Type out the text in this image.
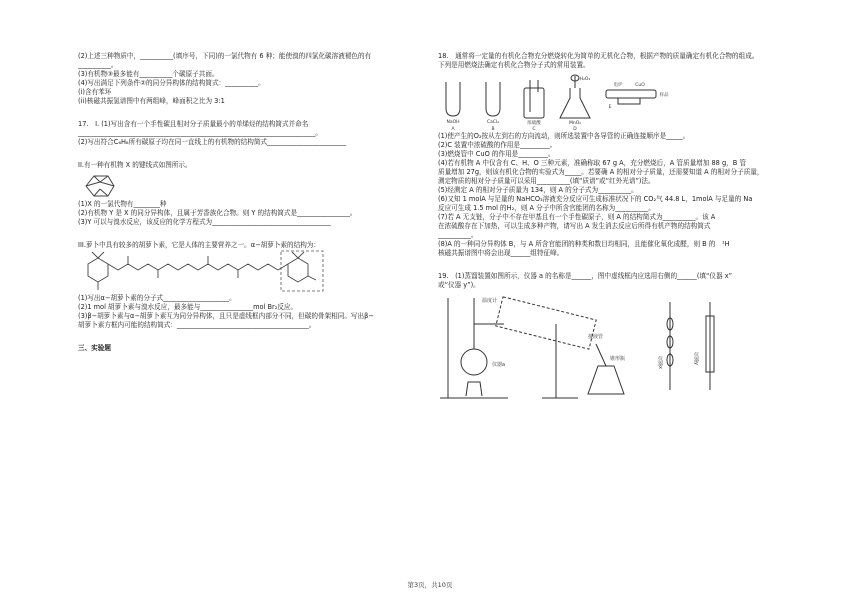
(2)上述三种物质中，__________(填序号，下同)的一氯代物有 6 种；能使溴的四氯化碳溶液褪色的有

__________。

(3)有机物③最多能有__________个碳原子共面。

(4)写出满足下列条件②的同分异构体的结构简式：__________。

(i)含有苯环

(ii)核磁共振氢谱图中有两组峰，峰面积之比为 3:1

17.　I. (1)写出含有一个手性碳且相对分子质量最小的单烯烃的结构简式并命名

________________________________________________________________________。

(2)写出符合C₆H₈所有碳原子均在同一直线上的有机物的结构简式________________________

II.有一种有机物 X 的键线式如图所示。

(1)X 的一氯代物有________种

(2)有机物 Y 是 X 的同分异构体，且属于芳香族化合物。则 Y 的结构简式是________________。

(3)Y 可以与溴水反应，该反应的化学方程式为____________________________________

III.萝卜中具有较多的胡萝卜素，它是人体的主要营养之一。α−胡萝卜素的结构为：

(1)写出α−胡萝卜素的分子式____________________。

(2)1 mol 胡萝卜素与溴水反应，最多能与________________mol Br₂反应。

(3)β−胡萝卜素与α−胡萝卜素互为同分异构体，且只是虚线框内部分不同，但碳的骨架相同。写出β−

胡萝卜素方框内可能的结构简式：________________________________________。

三、实验题

18.　通常将一定量的有机化合物充分燃烧转化为简单的无机化合物，根据产物的质量确定有机化合物的组成。

下列是用燃烧法确定有机化合物分子式的常用装置。

NaOH	CaCl₂	浓硫酸	MnO₂
H₂O₂
电炉	CuO
样品
A	B	C	D
E

(1)使产生的O₂按从左到右的方向流动，则所选装置中各导管的正确连接顺序是_____。

(2)C 装置中浓硫酸的作用是_________。

(3)燃烧管中 CuO 的作用是_________。

(4)若有机物 A 中仅含有 C、H、O 三种元素，准确称取 67 g A，充分燃烧后，A 管质量增加 88 g，B 管

质量增加 27g，则该有机化合物的实验式为_____。若要确 A 的相对分子质量，还需要知道 A 的相对分子质量，

测定物质的相对分子质量可以采用__________(填“质谱”或“红外光谱”)法。

(5)经测定 A 的相对分子质量为 134，则 A 的分子式为__________。

(6)又知 1 molA 与足量的 NaHCO₃溶液充分反应可生成标准状况下的 CO₂气 44.8 L，1molA 与足量的 Na

反应可生成 1.5 mol 的H₂，则 A 分子中所含官能团的名称为__________。

(7)若 A 无支链，分子中不存在甲基且有一个手性碳原子，则 A 的结构简式为__________。该 A

在浓硫酸存在下加热，可以生成多种产物，请写出 A 发生消去反应后所得有机产物的结构简式

__________。

(8)A 的一种同分异构体 B，与 A 所含官能团的种类和数目均相同，且能催化氧化成醛，则 B 的　¹H

核磁共振谱图中将会出现______组特征峰。

19.　(1)蒸馏装置如图所示，仪器 a 的名称是______，图中虚线框内应选用右侧的______(填“仪器 x”

或“仪器 y”)。

温度计
接液管
锥形瓶
仪器a	仪器x	仪器y
第3页，共10页
